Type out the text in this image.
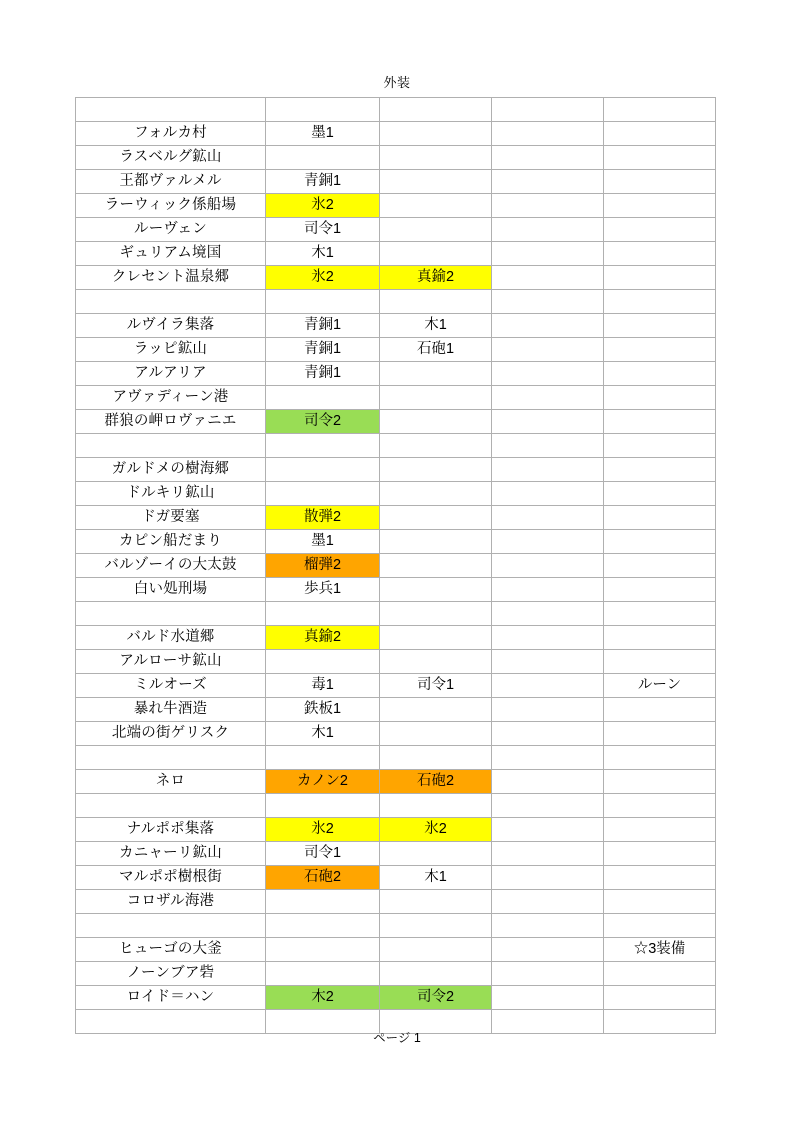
外装

フォルカ村	墨1			
ラスベルグ鉱山				
王都ヴァルメル	青銅1			
ラーウィック係船場	氷2			
ルーヴェン	司令1			
ギュリアム境国	木1			
クレセント温泉郷	氷2	真鍮2		

ルヴイラ集落	青銅1	木1		
ラッピ鉱山	青銅1	石砲1		
アルアリア	青銅1			
アヴァディーン港				
群狼の岬ロヴァニエ	司令2			

ガルドメの樹海郷				
ドルキリ鉱山				
ドガ要塞	散弾2			
カピン船だまり	墨1			
バルゾーイの大太鼓	榴弾2			
白い処刑場	歩兵1			

バルド水道郷	真鍮2			
アルローサ鉱山				
ミルオーズ	毒1	司令1		ルーン
暴れ牛酒造	鉄板1			
北端の街ゲリスク	木1			

ネロ	カノン2	石砲2		

ナルポポ集落	氷2	氷2		
カニャーリ鉱山	司令1			
マルポポ樹根街	石砲2	木1		
コロザル海港				

ヒューゴの大釜				☆3装備
ノーンブア砦				
ロイド＝ハン	木2	司令2		

ページ 1
